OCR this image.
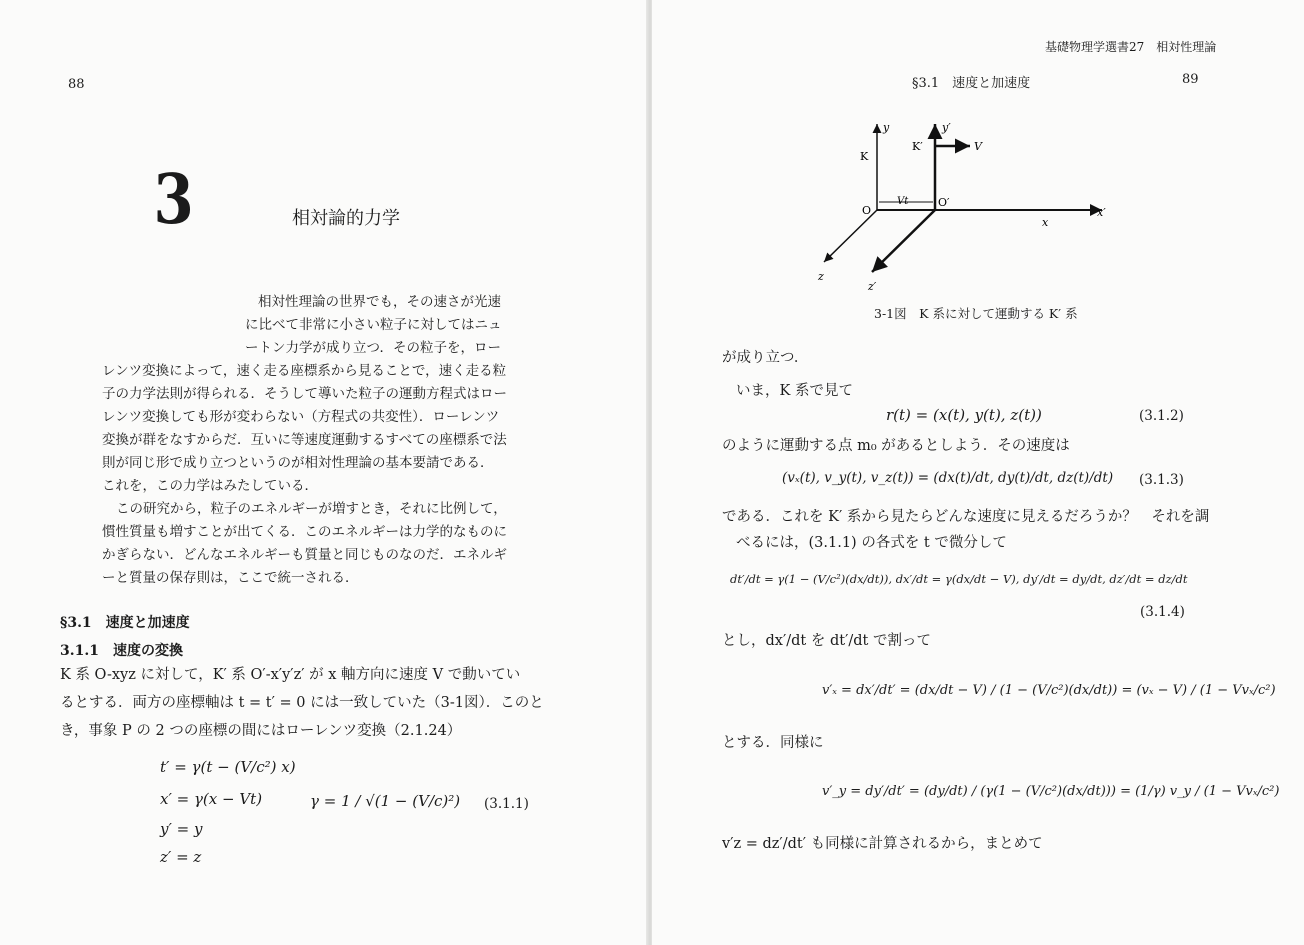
88
3	相対論的力学
相対性理論の世界でも，その速さが光速
に比べて非常に小さい粒子に対してはニュ
ートン力学が成り立つ．その粒子を，ロー
レンツ変換によって，速く走る座標系から見ることで，速く走る粒
子の力学法則が得られる．そうして導いた粒子の運動方程式はロー
レンツ変換しても形が変わらない（方程式の共変性）．ローレンツ
変換が群をなすからだ．互いに等速度運動するすべての座標系で法
則が同じ形で成り立つというのが相対性理論の基本要請である．
これを，この力学はみたしている．
この研究から，粒子のエネルギーが増すとき，それに比例して，
慣性質量も増すことが出てくる．このエネルギーは力学的なものに
かぎらない．どんなエネルギーも質量と同じものなのだ．エネルギ
ーと質量の保存則は，ここで統一される．
§3.1　速度と加速度
3.1.1　速度の変換
K 系 O-xyz に対して，K′ 系 O′-x′y′z′ が x 軸方向に速度 V で動いてい
るとする．両方の座標軸は t = t′ = 0 には一致していた（3-1図）．このと
き，事象 P の 2 つの座標の間にはローレンツ変換（2.1.24）
t′ = γ(t − (V/c²) x)
x′ = γ(x − Vt)
y′ = y
z′ = z
γ = 1 / √(1 − (V/c)²) (3.1.1)
基礎物理学選書27　相対性理論
§3.1　速度と加速度	89
y	y′
K
K′	V
O
O′
Vt
x
x′
z
z′
3-1図　K 系に対して運動する K′ 系
が成り立つ．
いま，K 系で見て
r(t) = (x(t), y(t), z(t))	(3.1.2)
のように運動する点 m₀ があるとしよう．その速度は
(vₓ(t), v_y(t), v_z(t)) = (dx(t)/dt, dy(t)/dt, dz(t)/dt) (3.1.3)
である．これを K′ 系から見たらどんな速度に見えるだろうか？　それを調
べるには，(3.1.1) の各式を t で微分して
dt′/dt = γ(1 − (V/c²)(dx/dt)), dx′/dt = γ(dx/dt − V), dy′/dt = dy/dt, dz′/dt = dz/dt
(3.1.4)
とし，dx′/dt を dt′/dt で割って
v′ₓ = dx′/dt′ = (dx/dt − V) / (1 − (V/c²)(dx/dt)) = (vₓ − V) / (1 − Vvₓ/c²)
とする．同様に
v′_y = dy′/dt′ = (dy/dt) / (γ(1 − (V/c²)(dx/dt))) = (1/γ) v_y / (1 − Vvₓ/c²)
v′z = dz′/dt′ も同様に計算されるから，まとめて
